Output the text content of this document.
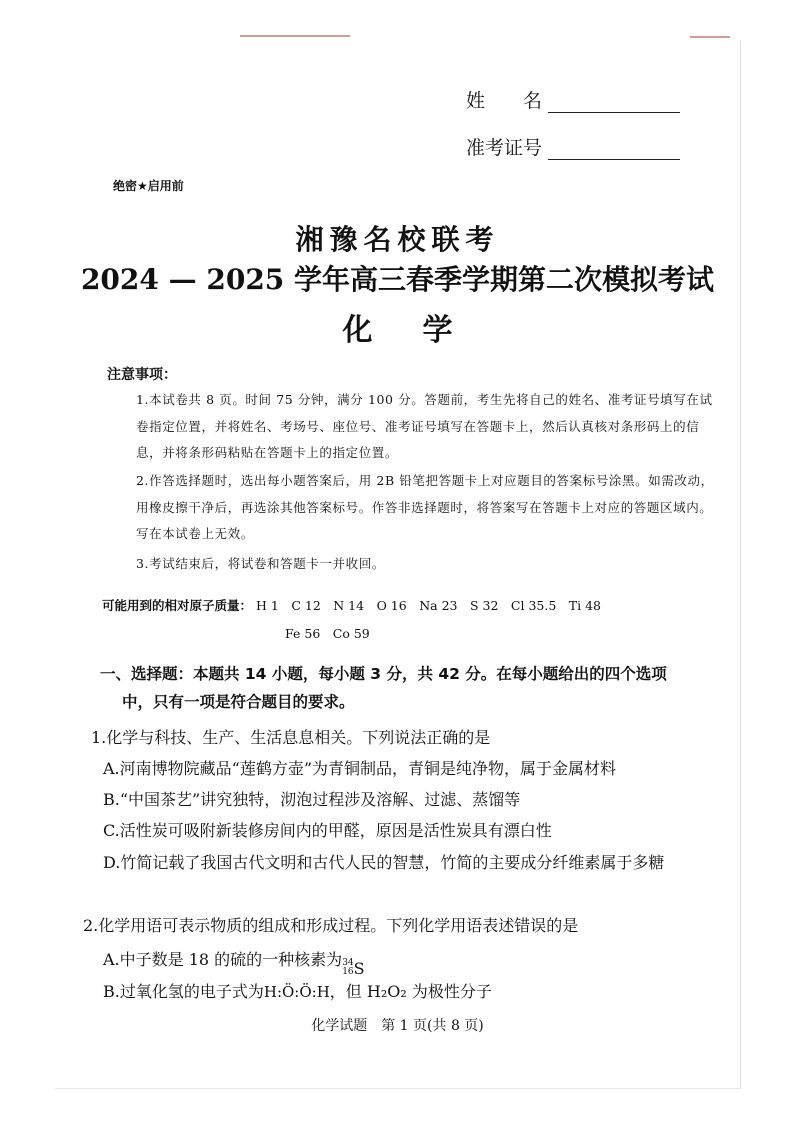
姓　　名
准考证号
绝密★启用前
湘豫名校联考
2024 — 2025 学年高三春季学期第二次模拟考试
化学
注意事项：
1.本试卷共 8 页。时间 75 分钟，满分 100 分。答题前，考生先将自己的姓名、准考证号填写在试卷指定位置，并将姓名、考场号、座位号、准考证号填写在答题卡上，然后认真核对条形码上的信息，并将条形码粘贴在答题卡上的指定位置。
2.作答选择题时，选出每小题答案后，用 2B 铅笔把答题卡上对应题目的答案标号涂黑。如需改动，用橡皮擦干净后，再选涂其他答案标号。作答非选择题时，将答案写在答题卡上对应的答题区域内。写在本试卷上无效。
3.考试结束后，将试卷和答题卡一并收回。
可能用到的相对原子质量： H 1　C 12　N 14　O 16　Na 23　S 32　Cl 35.5　Ti 48
Fe 56　Co 59
一、选择题：本题共 14 小题，每小题 3 分，共 42 分。在每小题给出的四个选项
中，只有一项是符合题目的要求。
1.化学与科技、生产、生活息息相关。下列说法正确的是
A.河南博物院藏品“莲鹤方壶”为青铜制品，青铜是纯净物，属于金属材料
B.“中国茶艺”讲究独特，沏泡过程涉及溶解、过滤、蒸馏等
C.活性炭可吸附新装修房间内的甲醛，原因是活性炭具有漂白性
D.竹简记载了我国古代文明和古代人民的智慧，竹简的主要成分纤维素属于多糖
2.化学用语可表示物质的组成和形成过程。下列化学用语表述错误的是
A.中子数是 18 的硫的一种核素为 34
16 S
B.过氧化氢的电子式为H:Ö:Ö:H，但 H₂O₂ 为极性分子
化学试题　第 1 页(共 8 页)
